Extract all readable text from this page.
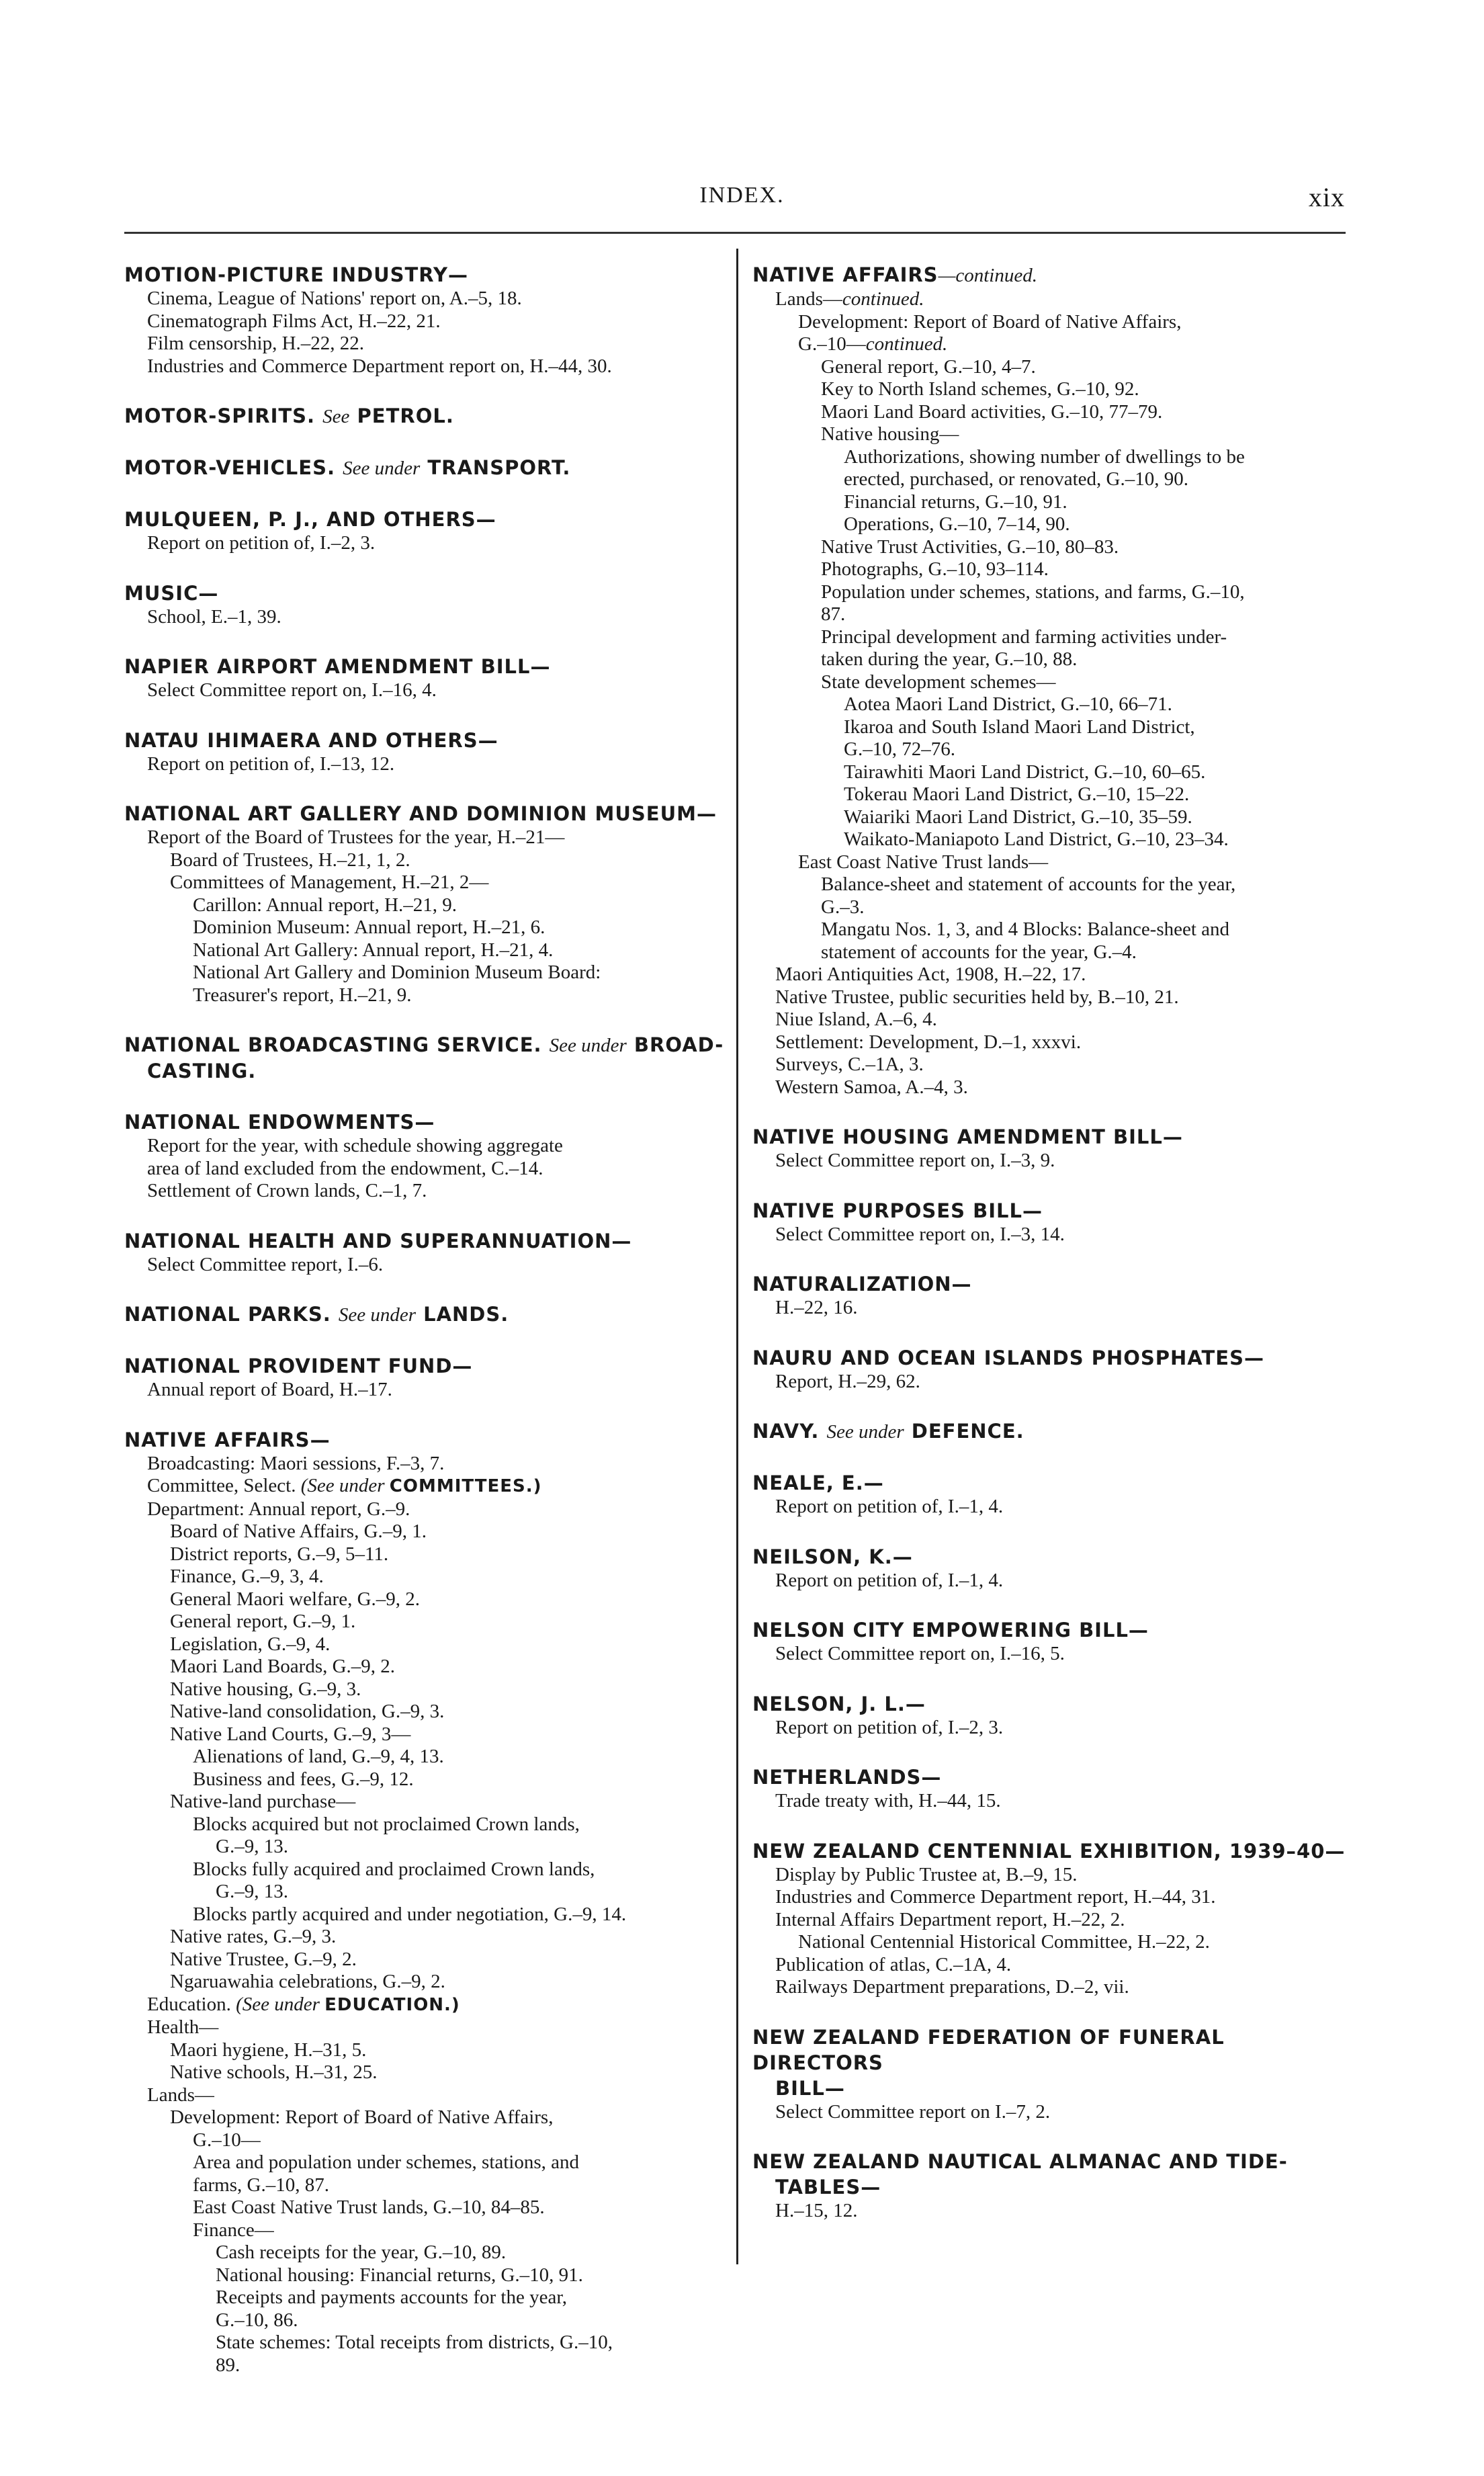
INDEX.	xix
MOTION-PICTURE INDUSTRY—
Cinema, League of Nations' report on, A.–5, 18.
Cinematograph Films Act, H.–22, 21.
Film censorship, H.–22, 22.
Industries and Commerce Department report on, H.–44, 30.
MOTOR-SPIRITS. See PETROL.
MOTOR-VEHICLES. See under TRANSPORT.
MULQUEEN, P. J., AND OTHERS—
Report on petition of, I.–2, 3.
MUSIC—
School, E.–1, 39.
NAPIER AIRPORT AMENDMENT BILL—
Select Committee report on, I.–16, 4.
NATAU IHIMAERA AND OTHERS—
Report on petition of, I.–13, 12.
NATIONAL ART GALLERY AND DOMINION MUSEUM—
Report of the Board of Trustees for the year, H.–21—
Board of Trustees, H.–21, 1, 2.
Committees of Management, H.–21, 2—
Carillon: Annual report, H.–21, 9.
Dominion Museum: Annual report, H.–21, 6.
National Art Gallery: Annual report, H.–21, 4.
National Art Gallery and Dominion Museum Board:
Treasurer's report, H.–21, 9.
NATIONAL BROADCASTING SERVICE. See under BROAD-
CASTING.
NATIONAL ENDOWMENTS—
Report for the year, with schedule showing aggregate
area of land excluded from the endowment, C.–14.
Settlement of Crown lands, C.–1, 7.
NATIONAL HEALTH AND SUPERANNUATION—
Select Committee report, I.–6.
NATIONAL PARKS. See under LANDS.
NATIONAL PROVIDENT FUND—
Annual report of Board, H.–17.
NATIVE AFFAIRS—
Broadcasting: Maori sessions, F.–3, 7.
Committee, Select. (See under COMMITTEES.)
Department: Annual report, G.–9.
Board of Native Affairs, G.–9, 1.
District reports, G.–9, 5–11.
Finance, G.–9, 3, 4.
General Maori welfare, G.–9, 2.
General report, G.–9, 1.
Legislation, G.–9, 4.
Maori Land Boards, G.–9, 2.
Native housing, G.–9, 3.
Native-land consolidation, G.–9, 3.
Native Land Courts, G.–9, 3—
Alienations of land, G.–9, 4, 13.
Business and fees, G.–9, 12.
Native-land purchase—
Blocks acquired but not proclaimed Crown lands,
G.–9, 13.
Blocks fully acquired and proclaimed Crown lands,
G.–9, 13.
Blocks partly acquired and under negotiation, G.–9, 14.
Native rates, G.–9, 3.
Native Trustee, G.–9, 2.
Ngaruawahia celebrations, G.–9, 2.
Education. (See under EDUCATION.)
Health—
Maori hygiene, H.–31, 5.
Native schools, H.–31, 25.
Lands—
Development: Report of Board of Native Affairs,
G.–10—
Area and population under schemes, stations, and
farms, G.–10, 87.
East Coast Native Trust lands, G.–10, 84–85.
Finance—
Cash receipts for the year, G.–10, 89.
National housing: Financial returns, G.–10, 91.
Receipts and payments accounts for the year,
G.–10, 86.
State schemes: Total receipts from districts, G.–10,
89.
NATIVE AFFAIRS—continued.
Lands—continued.
Development: Report of Board of Native Affairs,
G.–10—continued.
General report, G.–10, 4–7.
Key to North Island schemes, G.–10, 92.
Maori Land Board activities, G.–10, 77–79.
Native housing—
Authorizations, showing number of dwellings to be
erected, purchased, or renovated, G.–10, 90.
Financial returns, G.–10, 91.
Operations, G.–10, 7–14, 90.
Native Trust Activities, G.–10, 80–83.
Photographs, G.–10, 93–114.
Population under schemes, stations, and farms, G.–10,
87.
Principal development and farming activities under-
taken during the year, G.–10, 88.
State development schemes—
Aotea Maori Land District, G.–10, 66–71.
Ikaroa and South Island Maori Land District,
G.–10, 72–76.
Tairawhiti Maori Land District, G.–10, 60–65.
Tokerau Maori Land District, G.–10, 15–22.
Waiariki Maori Land District, G.–10, 35–59.
Waikato-Maniapoto Land District, G.–10, 23–34.
East Coast Native Trust lands—
Balance-sheet and statement of accounts for the year,
G.–3.
Mangatu Nos. 1, 3, and 4 Blocks: Balance-sheet and
statement of accounts for the year, G.–4.
Maori Antiquities Act, 1908, H.–22, 17.
Native Trustee, public securities held by, B.–10, 21.
Niue Island, A.–6, 4.
Settlement: Development, D.–1, xxxvi.
Surveys, C.–1A, 3.
Western Samoa, A.–4, 3.
NATIVE HOUSING AMENDMENT BILL—
Select Committee report on, I.–3, 9.
NATIVE PURPOSES BILL—
Select Committee report on, I.–3, 14.
NATURALIZATION—
H.–22, 16.
NAURU AND OCEAN ISLANDS PHOSPHATES—
Report, H.–29, 62.
NAVY. See under DEFENCE.
NEALE, E.—
Report on petition of, I.–1, 4.
NEILSON, K.—
Report on petition of, I.–1, 4.
NELSON CITY EMPOWERING BILL—
Select Committee report on, I.–16, 5.
NELSON, J. L.—
Report on petition of, I.–2, 3.
NETHERLANDS—
Trade treaty with, H.–44, 15.
NEW ZEALAND CENTENNIAL EXHIBITION, 1939–40—
Display by Public Trustee at, B.–9, 15.
Industries and Commerce Department report, H.–44, 31.
Internal Affairs Department report, H.–22, 2.
National Centennial Historical Committee, H.–22, 2.
Publication of atlas, C.–1A, 4.
Railways Department preparations, D.–2, vii.
NEW ZEALAND FEDERATION OF FUNERAL DIRECTORS
BILL—
Select Committee report on I.–7, 2.
NEW ZEALAND NAUTICAL ALMANAC AND TIDE-
TABLES—
H.–15, 12.
